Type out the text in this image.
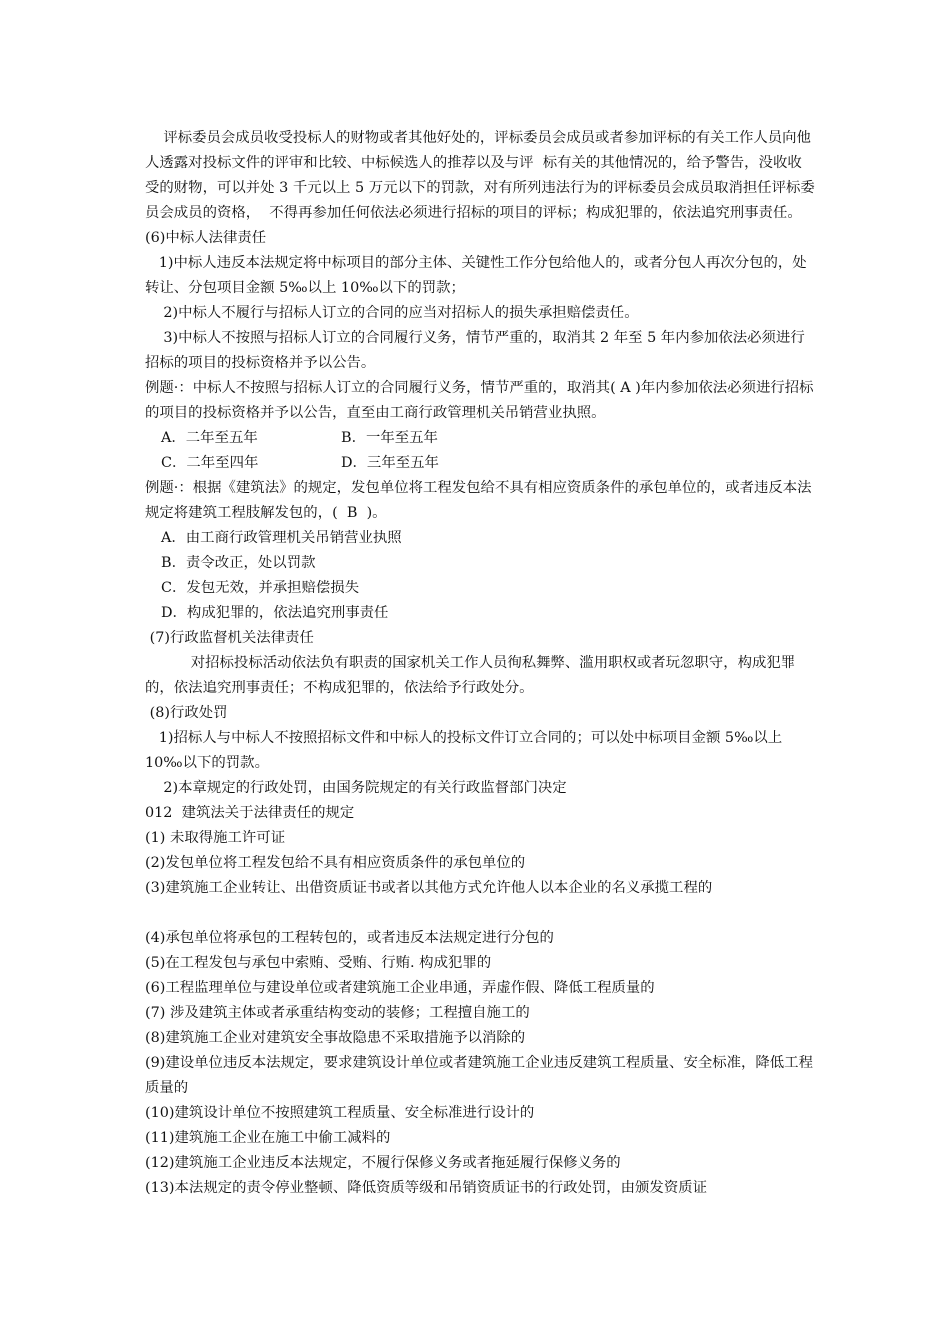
评标委员会成员收受投标人的财物或者其他好处的，评标委员会成员或者参加评标的有关工作人员向他人透露对投标文件的评审和比较、中标候选人的推荐以及与评  标有关的其他情况的，给予警告，没收收受的财物，可以并处 3 千元以上 5 万元以下的罚款，对有所列违法行为的评标委员会成员取消担任评标委员会成员的资格，  不得再参加任何依法必须进行招标的项目的评标；构成犯罪的，依法追究刑事责任。

(6)中标人法律责任

1)中标人违反本法规定将中标项目的部分主体、关键性工作分包给他人的，或者分包人再次分包的，处转让、分包项目金额 5‰以上 10‰以下的罚款；

2)中标人不履行与招标人订立的合同的应当对招标人的损失承担赔偿责任。

3)中标人不按照与招标人订立的合同履行义务，情节严重的，取消其 2 年至 5 年内参加依法必须进行招标的项目的投标资格并予以公告。

例题·：中标人不按照与招标人订立的合同履行义务，情节严重的，取消其( A )年内参加依法必须进行招标的项目的投标资格并予以公告，直至由工商行政管理机关吊销营业执照。

A．二年至五年	B．一年至五年
C．二年至四年	D．三年至五年

例题·：根据《建筑法》的规定，发包单位将工程发包给不具有相应资质条件的承包单位的，或者违反本法规定将建筑工程肢解发包的，(  B  )。

A．由工商行政管理机关吊销营业执照
B．责令改正，处以罚款
C．发包无效，并承担赔偿损失
D．构成犯罪的，依法追究刑事责任

(7)行政监督机关法律责任

对招标投标活动依法负有职责的国家机关工作人员徇私舞弊、滥用职权或者玩忽职守，构成犯罪的，依法追究刑事责任；不构成犯罪的，依法给予行政处分。

(8)行政处罚

1)招标人与中标人不按照招标文件和中标人的投标文件订立合同的；可以处中标项目金额 5‰以上 10‰以下的罚款。

2)本章规定的行政处罚，由国务院规定的有关行政监督部门决定

012  建筑法关于法律责任的规定

(1) 未取得施工许可证

(2)发包单位将工程发包给不具有相应资质条件的承包单位的

(3)建筑施工企业转让、出借资质证书或者以其他方式允许他人以本企业的名义承揽工程的

(4)承包单位将承包的工程转包的，或者违反本法规定进行分包的

(5)在工程发包与承包中索贿、受贿、行贿. 构成犯罪的

(6)工程监理单位与建设单位或者建筑施工企业串通，弄虚作假、降低工程质量的

(7) 涉及建筑主体或者承重结构变动的装修；工程擅自施工的

(8)建筑施工企业对建筑安全事故隐患不采取措施予以消除的

(9)建设单位违反本法规定，要求建筑设计单位或者建筑施工企业违反建筑工程质量、安全标准，降低工程质量的

(10)建筑设计单位不按照建筑工程质量、安全标准进行设计的

(11)建筑施工企业在施工中偷工减料的

(12)建筑施工企业违反本法规定，不履行保修义务或者拖延履行保修义务的

(13)本法规定的责令停业整顿、降低资质等级和吊销资质证书的行政处罚，由颁发资质证
